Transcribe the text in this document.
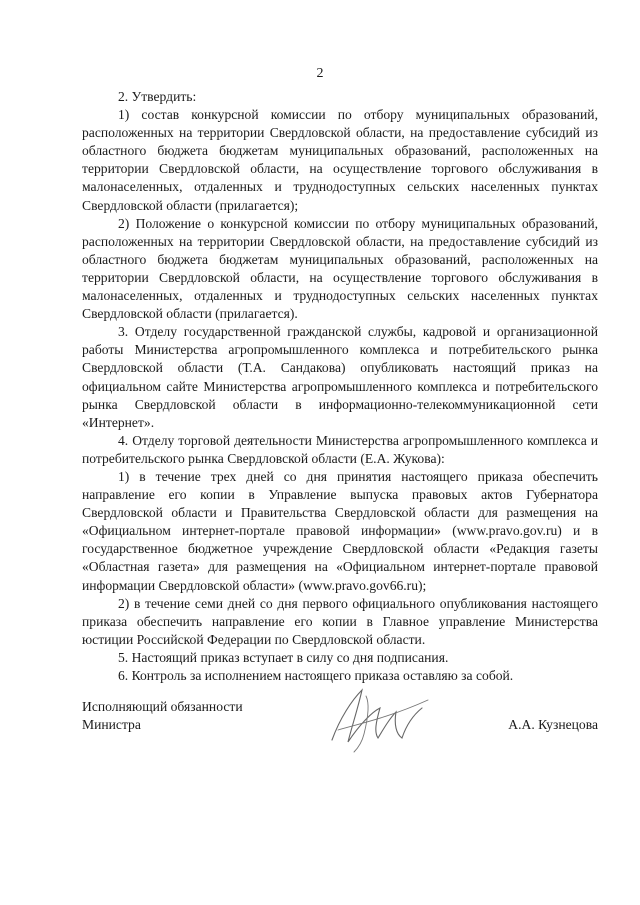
2

2. Утвердить:

1) состав конкурсной комиссии по отбору муниципальных образований, расположенных на территории Свердловской области, на предоставление субсидий из областного бюджета бюджетам муниципальных образований, расположенных на территории Свердловской области, на осуществление торгового обслуживания в малонаселенных, отдаленных и труднодоступных сельских населенных пунктах Свердловской области (прилагается);

2) Положение о конкурсной комиссии по отбору муниципальных образований, расположенных на территории Свердловской области, на предоставление субсидий из областного бюджета бюджетам муниципальных образований, расположенных на территории Свердловской области, на осуществление торгового обслуживания в малонаселенных, отдаленных и труднодоступных сельских населенных пунктах Свердловской области (прилагается).

3. Отделу государственной гражданской службы, кадровой и организационной работы Министерства агропромышленного комплекса и потребительского рынка Свердловской области (Т.А. Сандакова) опубликовать настоящий приказ на официальном сайте Министерства агропромышленного комплекса и потребительского рынка Свердловской области в информационно-телекоммуникационной сети «Интернет».

4. Отделу торговой деятельности Министерства агропромышленного комплекса и потребительского рынка Свердловской области (Е.А. Жукова):

1) в течение трех дней со дня принятия настоящего приказа обеспечить направление его копии в Управление выпуска правовых актов Губернатора Свердловской области и Правительства Свердловской области для размещения на «Официальном интернет-портале правовой информации» (www.pravo.gov.ru) и в государственное бюджетное учреждение Свердловской области «Редакция газеты «Областная газета» для размещения на «Официальном интернет-портале правовой информации Свердловской области» (www.pravo.gov66.ru);

2) в течение семи дней со дня первого официального опубликования настоящего приказа обеспечить направление его копии в Главное управление Министерства юстиции Российской Федерации по Свердловской области.

5. Настоящий приказ вступает в силу со дня подписания.

6. Контроль за исполнением настоящего приказа оставляю за собой.

Исполняющий обязанности
Министра	А.А. Кузнецова
